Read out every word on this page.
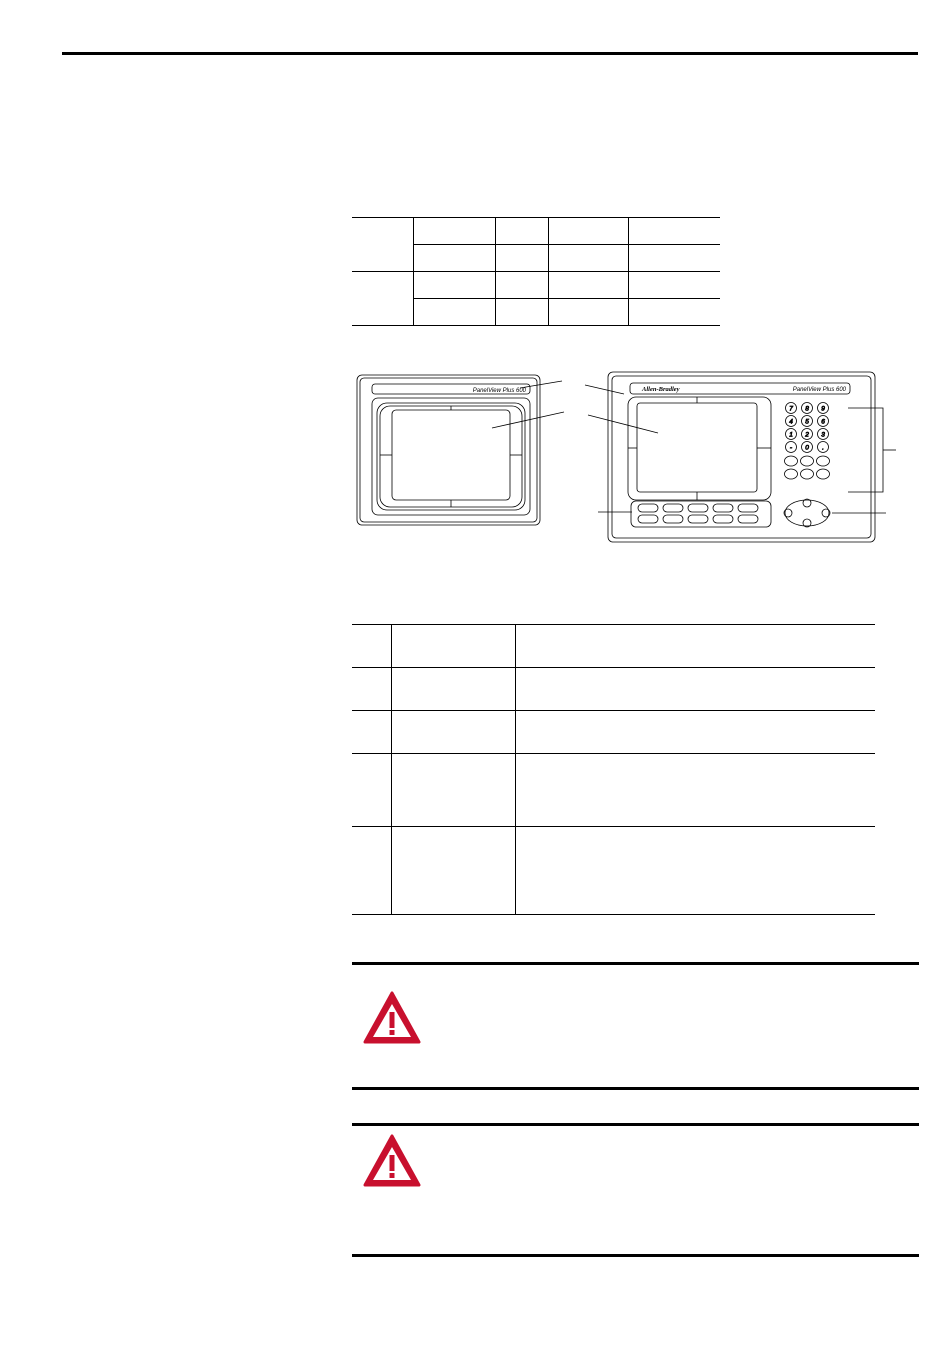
7 8 9
4 5 6
1 2 3
- 0 .
PanelView Plus 600	Allen-Bradley	PanelView Plus 600
